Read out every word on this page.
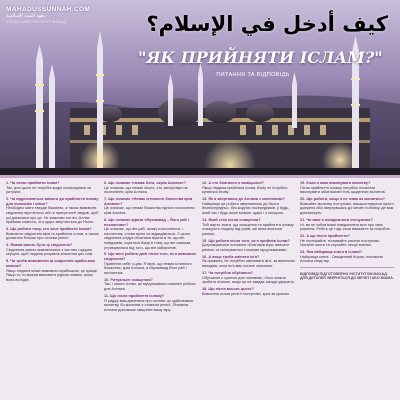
MAHADUSSUNNAH.COM
معهد السنة الإسلامية
ІСЛАМСЬКИЙ ІНСТИТУТ МАХАД	كيف أدخل في الإسلام؟
"ЯК ПРИЙНЯТИ ІСЛАМ?"
ПИТАННЯ ТА ВІДПОВІДЬ
1. Чи легко прийняти Іслам?
Так, для цього не потрібні жодні посередники чи ритуали.
2. Чи відрізняються вимоги до прийняття Ісламу для чоловіків і жінок?
Необхідно мати тверде бажання, а також вимовити свідчення віри вголос або в присутності свідків, щоб усі дізналися про це. Не важливо хто ви, Аллах приймає кожного, хто щиро звертається до Нього.
3. Що робити тому, хто хоче прийняти Іслам?
Вимовити свідчення віри та прийняти Іслам, а також дізнатися більше про основи релігії.
4. Якими мають бути ці свідчення?
Свідчення мають вимовлятися з чистим і щирим серцем, щоб людина розуміла значення цих слів.
5. Чи треба вимовляти ці свідчення арабською мовою?
Якщо людина може вимовити арабською, це краще. Якщо ні, то можна вимовити рідною мовою, якою вона володіє.
6. Що означає «немає бога, окрім Аллаха»?
Це означає, що немає нікого, хто заслуговує на поклоніння, крім Аллаха.
7. Що означає «Немає істинного божества крім Аллаха»?
Це означає, що немає божества гідного поклоніння, крім Аллаха.
8. Що означає фраза «Мухаммад – Його раб і посланник»?
Це означає, що він раб, якому поклоняться, і посланник, слова якого не відкидаються. З цього свідчення слідує обов'язок вірити в те, що він повідомив, коритися йому в тому, що він наказав, утримуватися від того, що він заборонив.
9. Що мені робити далі після того, як я вимовлю свідчення?
Привітати себе з цим. Я вірю, що немає істинного божества, крім Аллаха, а Мухаммад Його раб і посланник.
10. Ритуальне очищення?
Так, і омити Іслам, це мусульманин повинен робити для Аллаха.
11. Що після прийняття Ісламу?
Я раджу вам дізнатися про основи, як здійснювати молитву, бо молитва є стовпом релігії. Пізнання Аллаха допоможе зміцнити вашу віру.
12. А хто благання о хаміцьєнні?
Якщо людина прийняла Іслам, йому не потрібно купатися знову.
13. Як я звертаюся до Аллаха з моліннями?
Найкраще це робити звертаючись до Нього безпосередньо, без жодних посередників, у будь-який час і будь-якою мовою, щиро і з покорою.
14. Який стан після очищення?
Тобі варто знати, що очищення та прийняття Ісламу очищують людину від гріхів, які вона вчинила раніше.
15. Що робити після того, як я прийняв Іслам?
Дотримуватися основних обов'язків віри, вивчати релігію та спілкуватися з іншими мусульманами.
16. А якщо треба змінити ім'я?
Як правило, не потрібно змінювати ім'я, за винятком випадків, коли ім'я має погане значення.
17. Чи потрібна обрізання?
Обрізання є сунною для чоловіків, і його можна зробити пізніше, якщо це не завдає шкоди здоров'ю.
18. Що після всього цього?
Вивчення основ релігії поступово, крок за кроком.
19. Коли я маю виконувати молитву?
Після прийняття Ісламу потрібно починати виконувати обов'язкові п'ять щоденних молитов.
20. Що робити, якщо я не знаю як молитися?
Вивчайте молитву поступово, використовуючи прості джерела або звернувшись до мечеті поблизу, де вам допоможуть.
21. Чи маю я повідомляти оточуючих?
Ні, ви не зобов'язані повідомляти всіх про своє рішення. Робіть це тоді, коли вважаєте за потрібне.
22. А що після прийняття?
Не поспішайте, пізнавайте релігію поступово. Читайте книги та слухайте лекції вчених.
23. Яка найкраща книга в Ісламі?
Найкраща книга - Священний Коран, послання Аллаха людству.
ВІДПОВІДІ ПІДГОТОВЛЕНО ІНСТИТУТОМ МАХАД. ДЛЯ ДЕТАЛЕЙ ЗВЕРНІТЬСЯ ДО МЕЧЕТІ АБО ІМАМА.
